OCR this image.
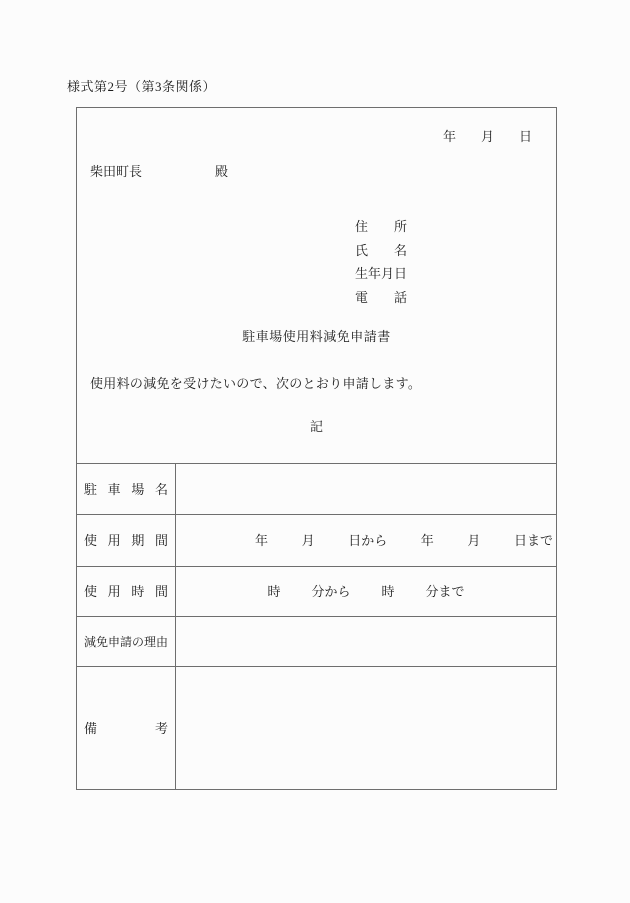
様式第2号（第3条関係）
年 月 日
柴田町長	殿
住所
氏名
生年月日
電話
駐車場使用料減免申請書
使用料の減免を受けたいので、次のとおり申請します。
記
駐車場名
使用期間	年	月	日から	年	月	日まで
使用時間	時 分から 時 分まで
減免申請の理由
備考
